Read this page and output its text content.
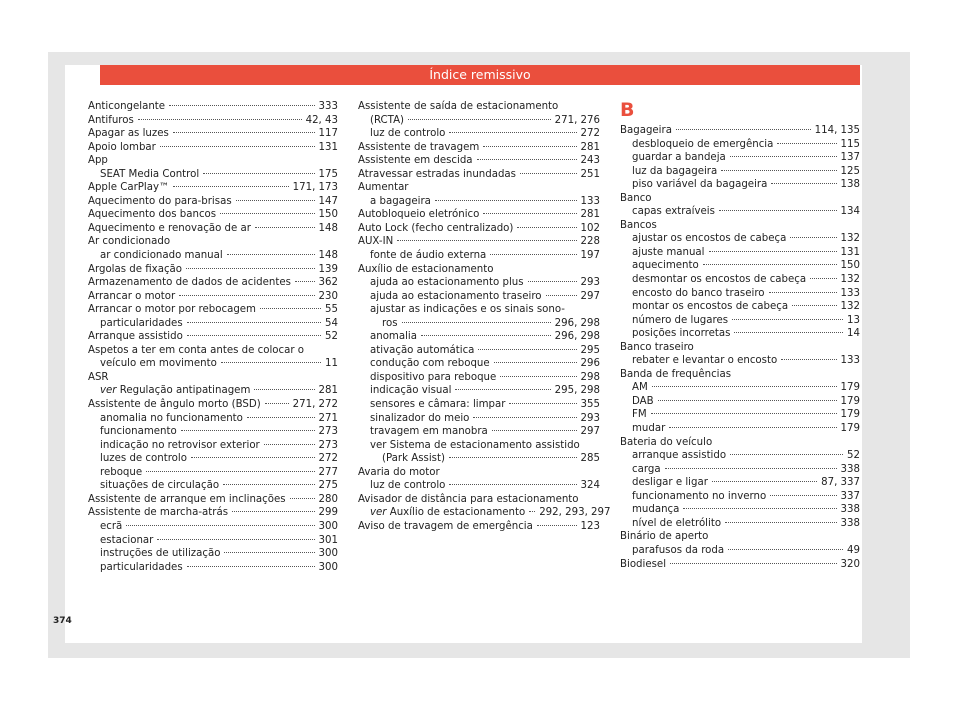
Índice remissivo
Anticongelante	333
Antifuros	42, 43
Apagar as luzes	117
Apoio lombar	131
App
SEAT Media Control	175
Apple CarPlay™	171, 173
Aquecimento do para-brisas	147
Aquecimento dos bancos	150
Aquecimento e renovação de ar	148
Ar condicionado
ar condicionado manual	148
Argolas de fixação	139
Armazenamento de dados de acidentes	362
Arrancar o motor	230
Arrancar o motor por rebocagem	55
particularidades	54
Arranque assistido	52
Aspetos a ter em conta antes de colocar o
veículo em movimento	11
ASR
ver Regulação antipatinagem	281
Assistente de ângulo morto (BSD)	271, 272
anomalia no funcionamento	271
funcionamento	273
indicação no retrovisor exterior	273
luzes de controlo	272
reboque	277
situações de circulação	275
Assistente de arranque em inclinações	280
Assistente de marcha-atrás	299
ecrã	300
estacionar	301
instruções de utilização	300
particularidades	300
Assistente de saída de estacionamento
(RCTA)	271, 276
luz de controlo	272
Assistente de travagem	281
Assistente em descida	243
Atravessar estradas inundadas	251
Aumentar
a bagageira	133
Autobloqueio eletrónico	281
Auto Lock (fecho centralizado)	102
AUX-IN	228
fonte de áudio externa	197
Auxílio de estacionamento
ajuda ao estacionamento plus	293
ajuda ao estacionamento traseiro	297
ajustar as indicações e os sinais sono-
ros	296, 298
anomalia	296, 298
ativação automática	295
condução com reboque	296
dispositivo para reboque	298
indicação visual	295, 298
sensores e câmara: limpar	355
sinalizador do meio	293
travagem em manobra	297
ver Sistema de estacionamento assistido
(Park Assist)	285
Avaria do motor
luz de controlo	324
Avisador de distância para estacionamento
ver Auxílio de estacionamento 292, 293, 297
Aviso de travagem de emergência	123
B
Bagageira	114, 135
desbloqueio de emergência	115
guardar a bandeja	137
luz da bagageira	125
piso variável da bagageira	138
Banco
capas extraíveis	134
Bancos
ajustar os encostos de cabeça	132
ajuste manual	131
aquecimento	150
desmontar os encostos de cabeça	132
encosto do banco traseiro	133
montar os encostos de cabeça	132
número de lugares	13
posições incorretas	14
Banco traseiro
rebater e levantar o encosto	133
Banda de frequências
AM	179
DAB	179
FM	179
mudar	179
Bateria do veículo
arranque assistido	52
carga	338
desligar e ligar	87, 337
funcionamento no inverno	337
mudança	338
nível de eletrólito	338
Binário de aperto
parafusos da roda	49
Biodiesel	320
374
